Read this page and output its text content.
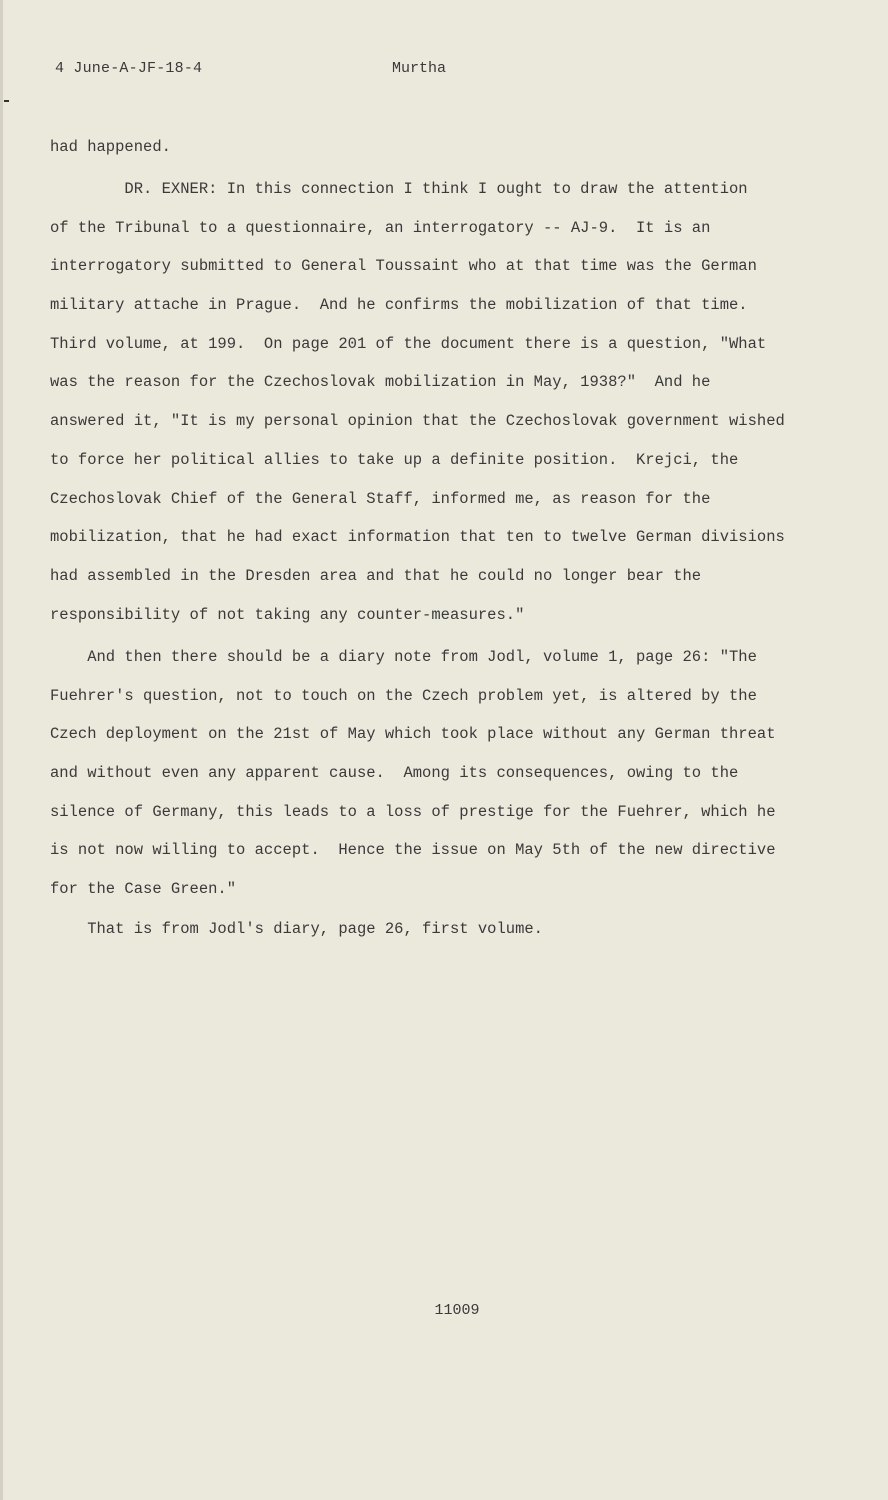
4 June-A-JF-18-4	Murtha
had happened.
DR. EXNER: In this connection I think I ought to draw the attention
of the Tribunal to a questionnaire, an interrogatory -- AJ-9.  It is an
interrogatory submitted to General Toussaint who at that time was the German
military attache in Prague.  And he confirms the mobilization of that time.
Third volume, at 199.  On page 201 of the document there is a question, "What
was the reason for the Czechoslovak mobilization in May, 1938?"  And he
answered it, "It is my personal opinion that the Czechoslovak government wished
to force her political allies to take up a definite position.  Krejci, the
Czechoslovak Chief of the General Staff, informed me, as reason for the
mobilization, that he had exact information that ten to twelve German divisions
had assembled in the Dresden area and that he could no longer bear the
responsibility of not taking any counter-measures."
And then there should be a diary note from Jodl, volume 1, page 26: "The
Fuehrer's question, not to touch on the Czech problem yet, is altered by the
Czech deployment on the 21st of May which took place without any German threat
and without even any apparent cause.  Among its consequences, owing to the
silence of Germany, this leads to a loss of prestige for the Fuehrer, which he
is not now willing to accept.  Hence the issue on May 5th of the new directive
for the Case Green."
That is from Jodl's diary, page 26, first volume.
11009
